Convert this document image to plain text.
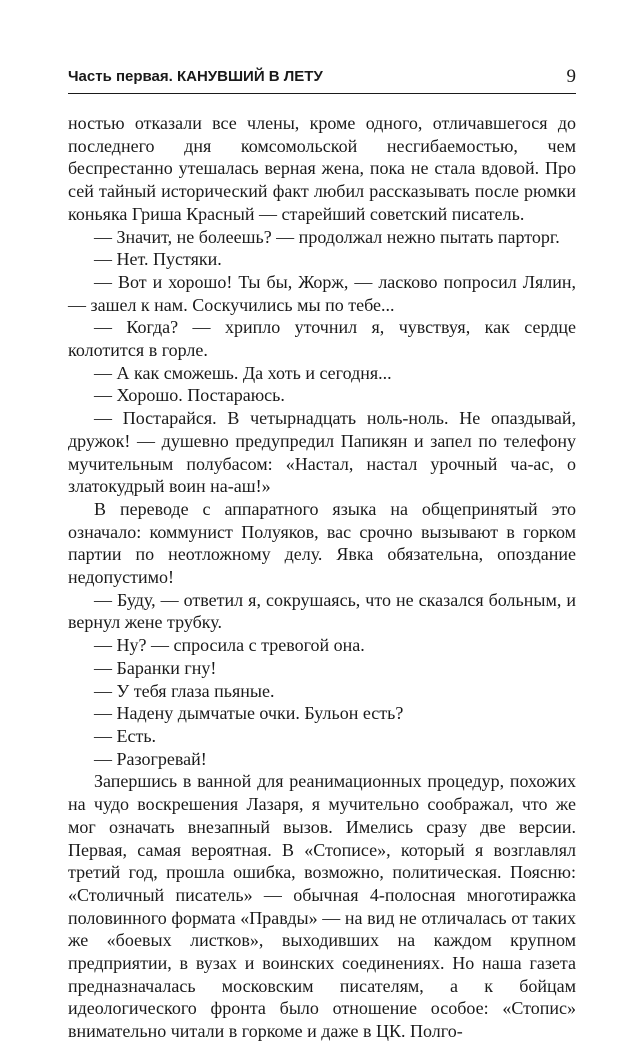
Часть первая. КАНУВШИЙ В ЛЕТУ	9

ностью отказали все члены, кроме одного, отличавшегося до последнего дня комсомольской несгибаемостью, чем беспрестанно утешалась верная жена, пока не стала вдовой. Про сей тайный исторический факт любил рассказывать после рюмки коньяка Гриша Красный — старейший советский писатель.

— Значит, не болеешь? — продолжал нежно пытать парторг.

— Нет. Пустяки.

— Вот и хорошо! Ты бы, Жорж, — ласково попросил Лялин, — зашел к нам. Соскучились мы по тебе...

— Когда? — хрипло уточнил я, чувствуя, как сердце колотится в горле.

— А как сможешь. Да хоть и сегодня...

— Хорошо. Постараюсь.

— Постарайся. В четырнадцать ноль-ноль. Не опаздывай, дружок! — душевно предупредил Папикян и запел по телефону мучительным полубасом: «Настал, настал урочный ча-ас, о златокудрый воин на-аш!»

В переводе с аппаратного языка на общепринятый это означало: коммунист Полуяков, вас срочно вызывают в горком партии по неотложному делу. Явка обязательна, опоздание недопустимо!

— Буду, — ответил я, сокрушаясь, что не сказался больным, и вернул жене трубку.

— Ну? — спросила с тревогой она.

— Баранки гну!

— У тебя глаза пьяные.

— Надену дымчатые очки. Бульон есть?

— Есть.

— Разогревай!

Запершись в ванной для реанимационных процедур, похожих на чудо воскрешения Лазаря, я мучительно соображал, что же мог означать внезапный вызов. Имелись сразу две версии. Первая, самая вероятная. В «Стописе», который я возглавлял третий год, прошла ошибка, возможно, политическая. Поясню: «Столичный писатель» — обычная 4-полосная многотиражка половинного формата «Правды» — на вид не отличалась от таких же «боевых листков», выходивших на каждом крупном предприятии, в вузах и воинских соединениях. Но наша газета предназначалась московским писателям, а к бойцам идеологического фронта было отношение особое: «Стопис» внимательно читали в горкоме и даже в ЦК. Полго-
